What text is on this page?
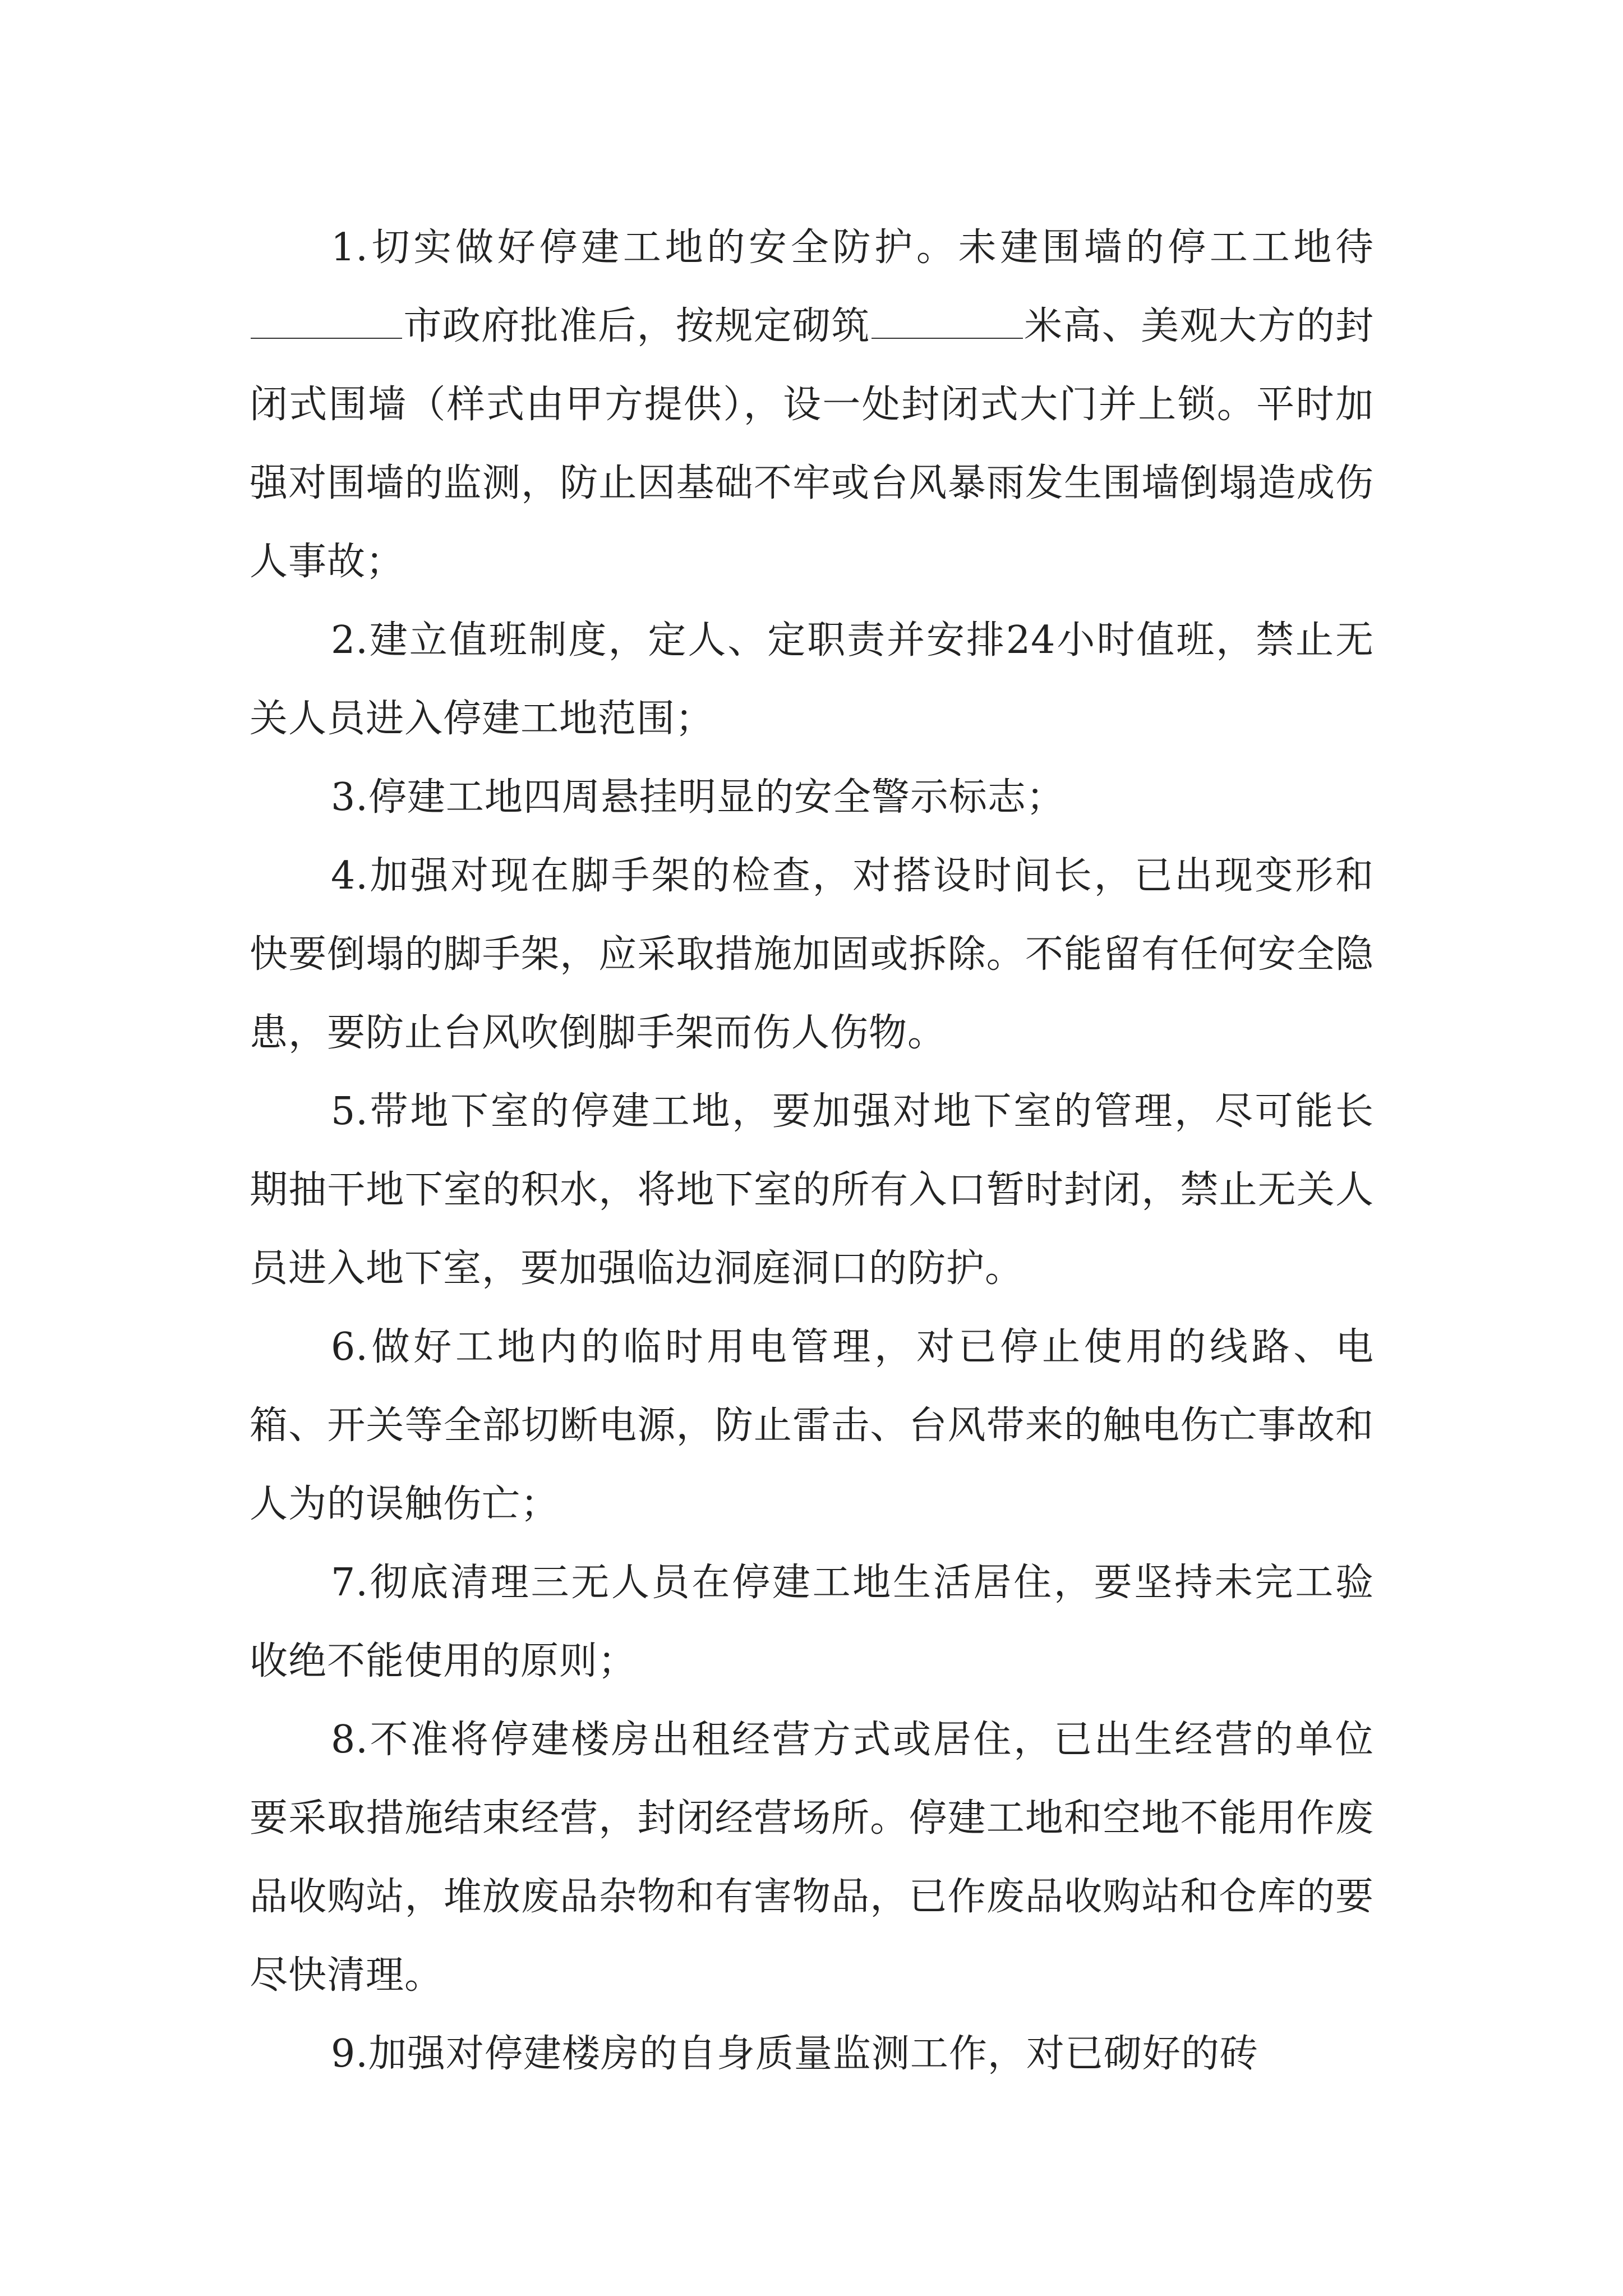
1.切实做好停建工地的安全防护。未建围墙的停工工地待市政府批准后，按规定砌筑	米高、美观大方的封闭式围墙（样式由甲方提供），设一处封闭式大门并上锁。平时加强对围墙的监测，防止因基础不牢或台风暴雨发生围墙倒塌造成伤人事故；

2.建立值班制度，定人、定职责并安排24小时值班，禁止无关人员进入停建工地范围；

3.停建工地四周悬挂明显的安全警示标志；

4.加强对现在脚手架的检查，对搭设时间长，已出现变形和快要倒塌的脚手架，应采取措施加固或拆除。不能留有任何安全隐患，要防止台风吹倒脚手架而伤人伤物。

5.带地下室的停建工地，要加强对地下室的管理，尽可能长期抽干地下室的积水，将地下室的所有入口暂时封闭，禁止无关人员进入地下室，要加强临边洞庭洞口的防护。

6.做好工地内的临时用电管理，对已停止使用的线路、电箱、开关等全部切断电源，防止雷击、台风带来的触电伤亡事故和人为的误触伤亡；

7.彻底清理三无人员在停建工地生活居住，要坚持未完工验收绝不能使用的原则；

8.不准将停建楼房出租经营方式或居住，已出生经营的单位要采取措施结束经营，封闭经营场所。停建工地和空地不能用作废品收购站，堆放废品杂物和有害物品，已作废品收购站和仓库的要尽快清理。

9.加强对停建楼房的自身质量监测工作，对已砌好的砖
